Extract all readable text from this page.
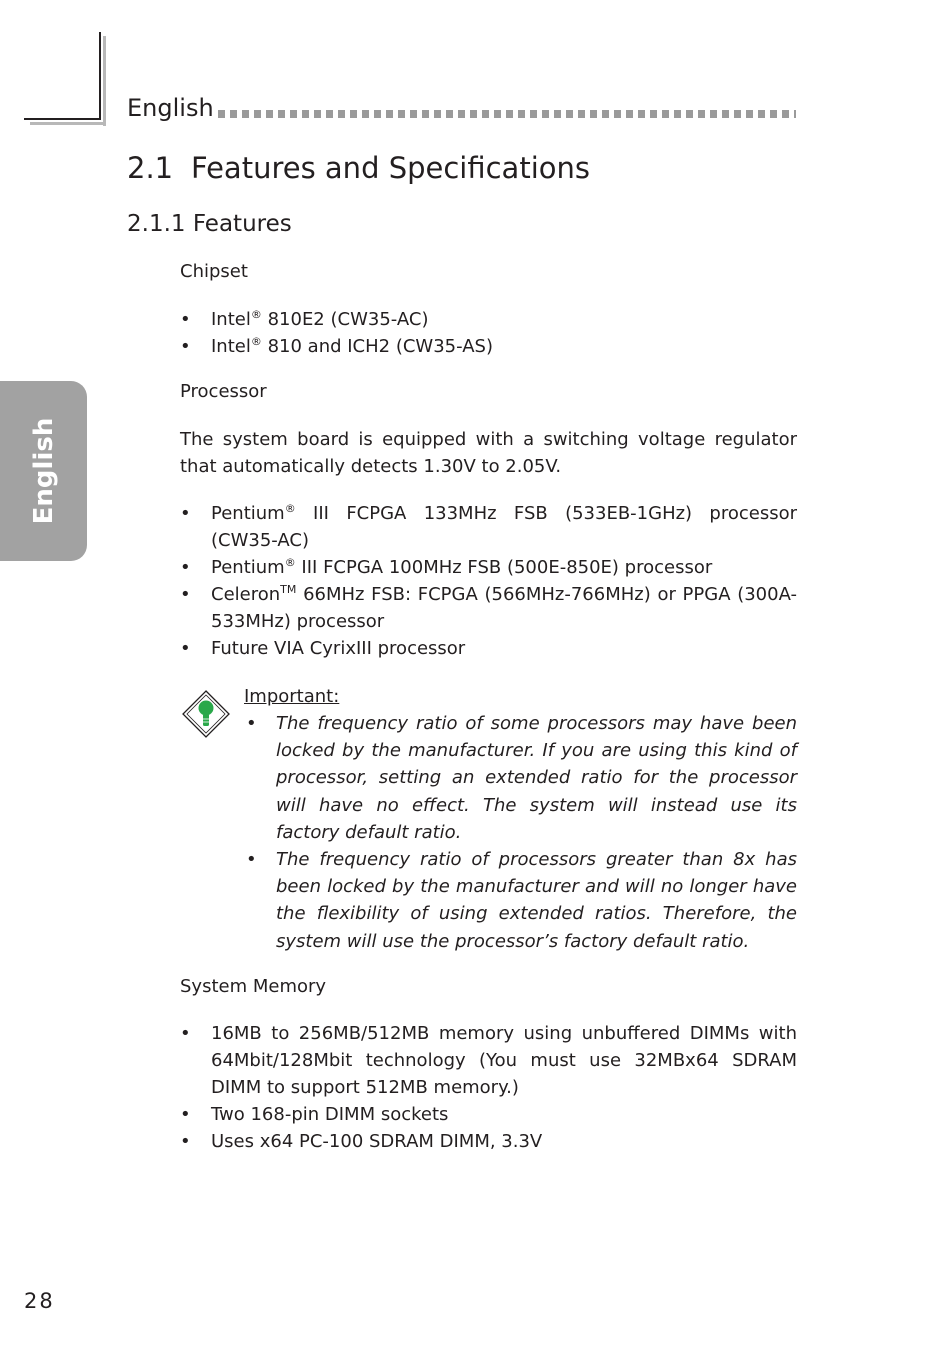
English
English
2.1 Features and Specifications
2.1.1 Features
Chipset
• Intel® 810E2 (CW35-AC)
• Intel® 810 and ICH2 (CW35-AS)
Processor
The system board is equipped with a switching voltage regulator that automatically detects 1.30V to 2.05V.
• Pentium® III FCPGA 133MHz FSB (533EB-1GHz) processor (CW35-AC)
• Pentium® III FCPGA 100MHz FSB (500E-850E) processor
• Celeron™ 66MHz FSB: FCPGA (566MHz-766MHz) or PPGA (300A-533MHz) processor
• Future VIA CyrixIII processor
Important:
• The frequency ratio of some processors may have been locked by the manufacturer. If you are using this kind of processor, setting an extended ratio for the processor will have no effect. The system will instead use its factory default ratio.
• The frequency ratio of processors greater than 8x has been locked by the manufacturer and will no longer have the flexibility of using extended ratios. Therefore, the system will use the processor’s factory default ratio.
System Memory
• 16MB to 256MB/512MB memory using unbuffered DIMMs with 64Mbit/128Mbit technology (You must use 32MBx64 SDRAM DIMM to support 512MB memory.)
• Two 168-pin DIMM sockets
• Uses x64 PC-100 SDRAM DIMM, 3.3V
28
